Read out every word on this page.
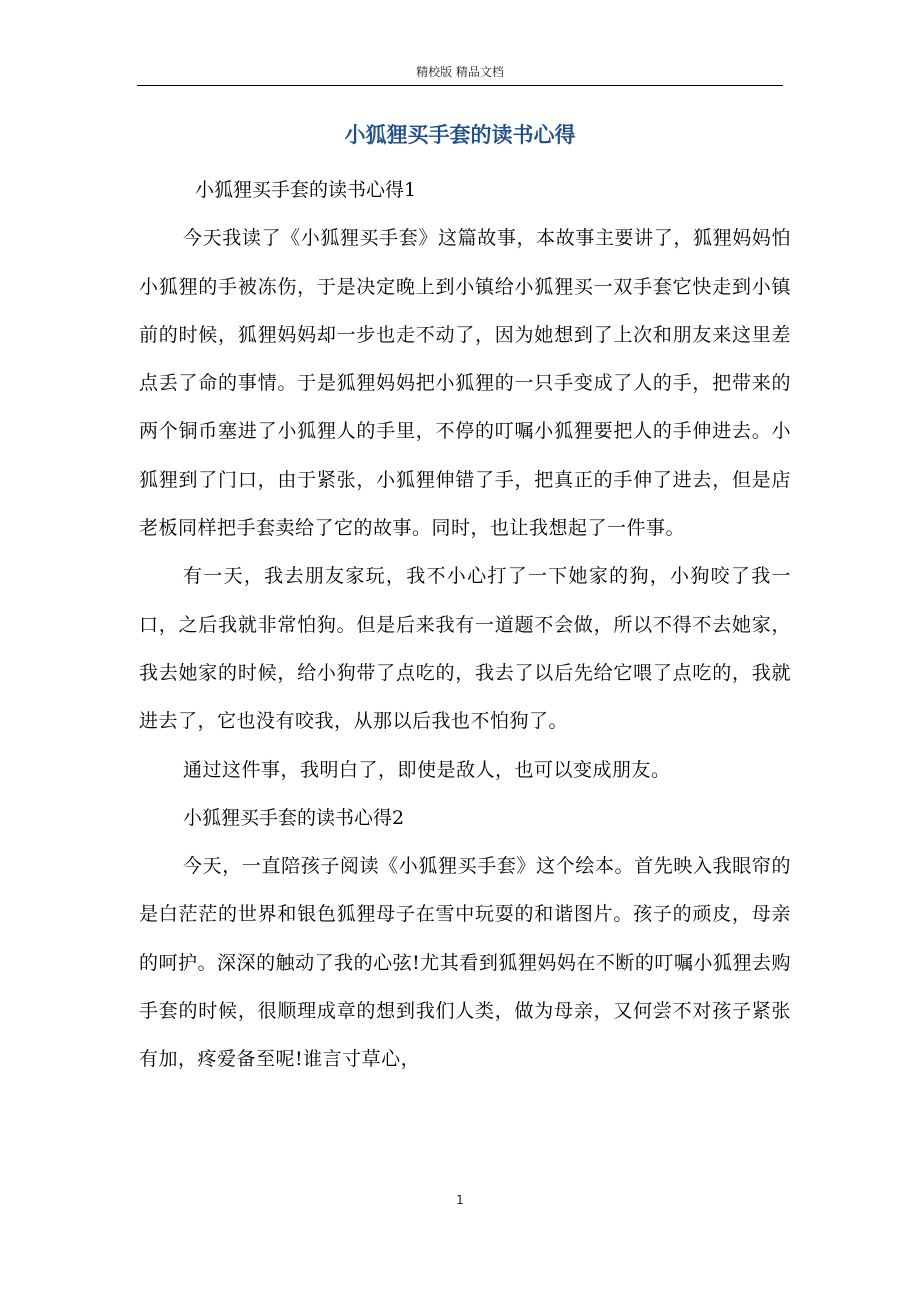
精校版 精品文档
小狐狸买手套的读书心得

小狐狸买手套的读书心得1

今天我读了《小狐狸买手套》这篇故事，本故事主要讲了，狐狸妈妈怕小狐狸的手被冻伤，于是决定晚上到小镇给小狐狸买一双手套它快走到小镇前的时候，狐狸妈妈却一步也走不动了，因为她想到了上次和朋友来这里差点丢了命的事情。于是狐狸妈妈把小狐狸的一只手变成了人的手，把带来的两个铜币塞进了小狐狸人的手里，不停的叮嘱小狐狸要把人的手伸进去。小狐狸到了门口，由于紧张，小狐狸伸错了手，把真正的手伸了进去，但是店老板同样把手套卖给了它的故事。同时，也让我想起了一件事。

有一天，我去朋友家玩，我不小心打了一下她家的狗，小狗咬了我一口，之后我就非常怕狗。但是后来我有一道题不会做，所以不得不去她家，我去她家的时候，给小狗带了点吃的，我去了以后先给它喂了点吃的，我就进去了，它也没有咬我，从那以后我也不怕狗了。

通过这件事，我明白了，即使是敌人，也可以变成朋友。

小狐狸买手套的读书心得2

今天，一直陪孩子阅读《小狐狸买手套》这个绘本。首先映入我眼帘的是白茫茫的世界和银色狐狸母子在雪中玩耍的和谐图片。孩子的顽皮，母亲的呵护。深深的触动了我的心弦!尤其看到狐狸妈妈在不断的叮嘱小狐狸去购手套的时候，很顺理成章的想到我们人类，做为母亲，又何尝不对孩子紧张有加，疼爱备至呢!谁言寸草心，

1
